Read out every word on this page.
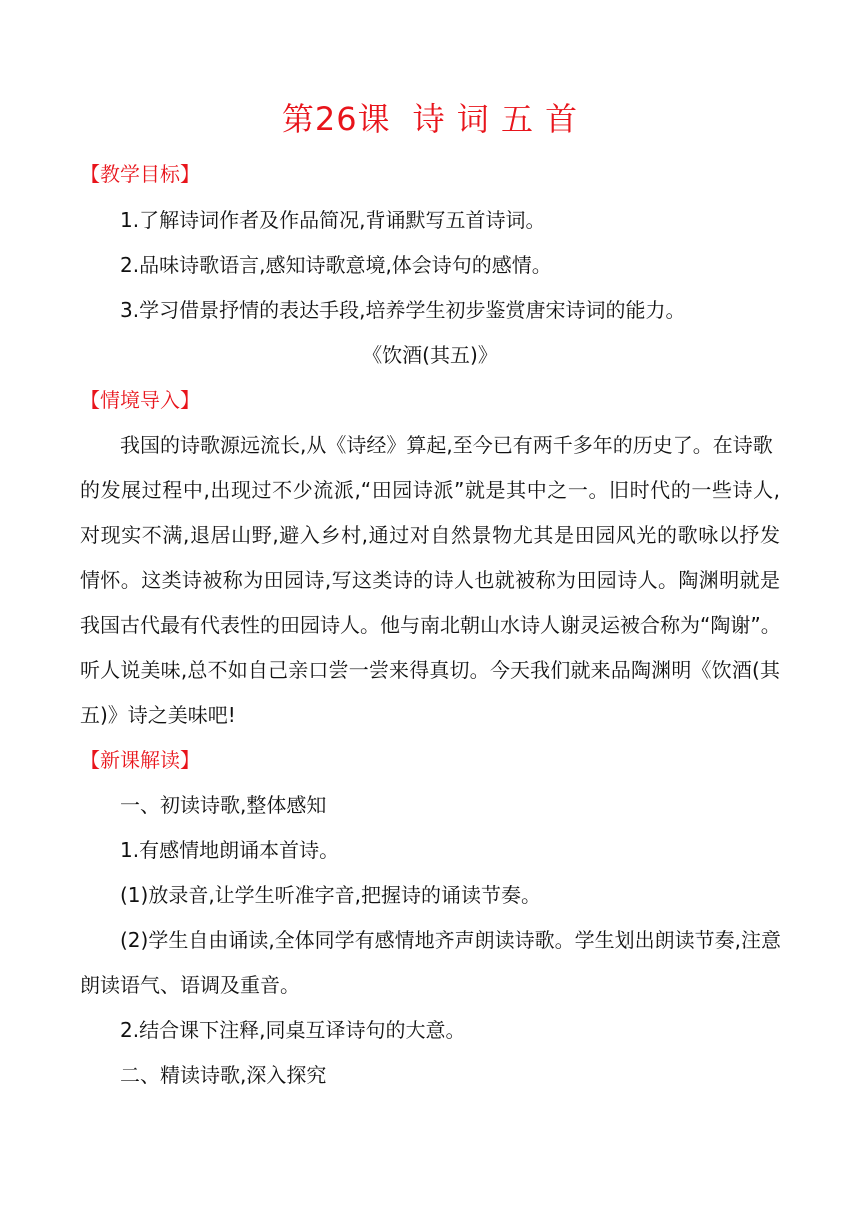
第26课 诗 词 五 首
【教学目标】
1.了解诗词作者及作品简况,背诵默写五首诗词。
2.品味诗歌语言,感知诗歌意境,体会诗句的感情。
3.学习借景抒情的表达手段,培养学生初步鉴赏唐宋诗词的能力。
《饮酒(其五)》
【情境导入】
我国的诗歌源远流长,从《诗经》算起,至今已有两千多年的历史了。在诗歌
的发展过程中,出现过不少流派,“田园诗派”就是其中之一。旧时代的一些诗人,
对现实不满,退居山野,避入乡村,通过对自然景物尤其是田园风光的歌咏以抒发
情怀。这类诗被称为田园诗,写这类诗的诗人也就被称为田园诗人。陶渊明就是
我国古代最有代表性的田园诗人。他与南北朝山水诗人谢灵运被合称为“陶谢”。
听人说美味,总不如自己亲口尝一尝来得真切。今天我们就来品陶渊明《饮酒(其
五)》诗之美味吧!
【新课解读】
一、初读诗歌,整体感知
1.有感情地朗诵本首诗。
(1)放录音,让学生听准字音,把握诗的诵读节奏。
(2)学生自由诵读,全体同学有感情地齐声朗读诗歌。学生划出朗读节奏,注意
朗读语气、语调及重音。
2.结合课下注释,同桌互译诗句的大意。
二、精读诗歌,深入探究
